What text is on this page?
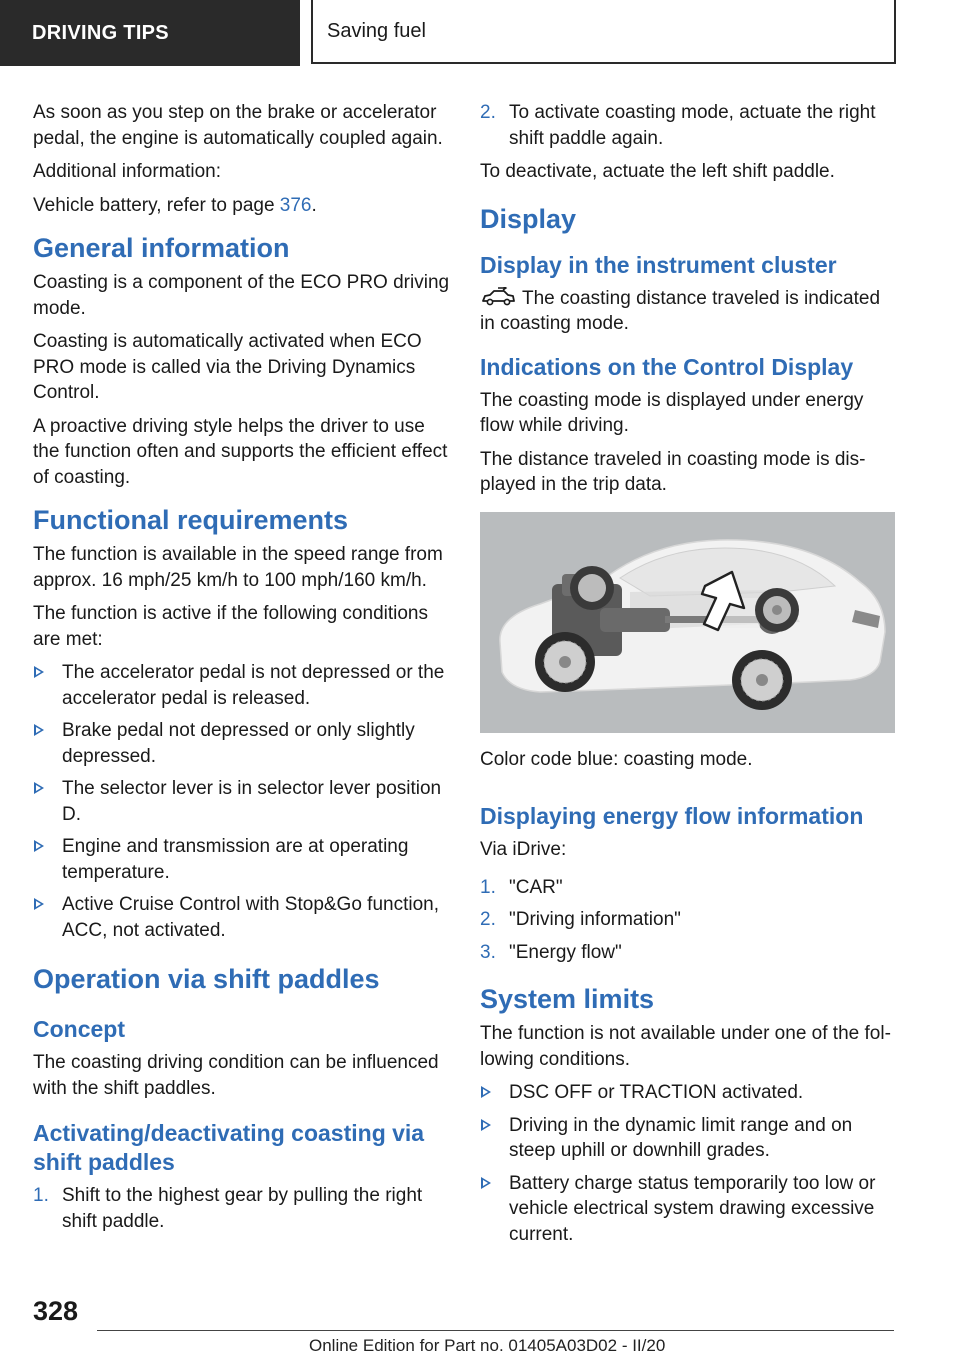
DRIVING TIPS	Saving fuel

As soon as you step on the brake or accelerator pedal, the engine is automatically coupled again.

Additional information:

Vehicle battery, refer to page 376.

General information

Coasting is a component of the ECO PRO driving mode.

Coasting is automatically activated when ECO PRO mode is called via the Driving Dynamics Control.

A proactive driving style helps the driver to use the function often and supports the efficient effect of coasting.

Functional requirements

The function is available in the speed range from approx. 16 mph/25 km/h to 100 mph/160 km/h.

The function is active if the following conditions are met:

The accelerator pedal is not depressed or the accelerator pedal is released.
Brake pedal not depressed or only slightly depressed.
The selector lever is in selector lever position D.
Engine and transmission are at operating temperature.
Active Cruise Control with Stop&Go function, ACC, not activated.
Operation via shift paddles
Concept

The coasting driving condition can be influenced with the shift paddles.

Activating/deactivating coasting via shift paddles
1. Shift to the highest gear by pulling the right shift paddle.
2. To activate coasting mode, actuate the right shift paddle again.

To deactivate, actuate the left shift paddle.

Display
Display in the instrument cluster

The coasting distance traveled is indicated in coasting mode.

Indications on the Control Display

The coasting mode is displayed under energy flow while driving.

The distance traveled in coasting mode is displayed in the trip data.

Color code blue: coasting mode.

Displaying energy flow information

Via iDrive:

1. "CAR"
2. "Driving information"
3. "Energy flow"
System limits

The function is not available under one of the following conditions.

DSC OFF or TRACTION activated.
Driving in the dynamic limit range and on steep uphill or downhill grades.
Battery charge status temporarily too low or vehicle electrical system drawing excessive current.
328
Online Edition for Part no. 01405A03D02 - II/20
